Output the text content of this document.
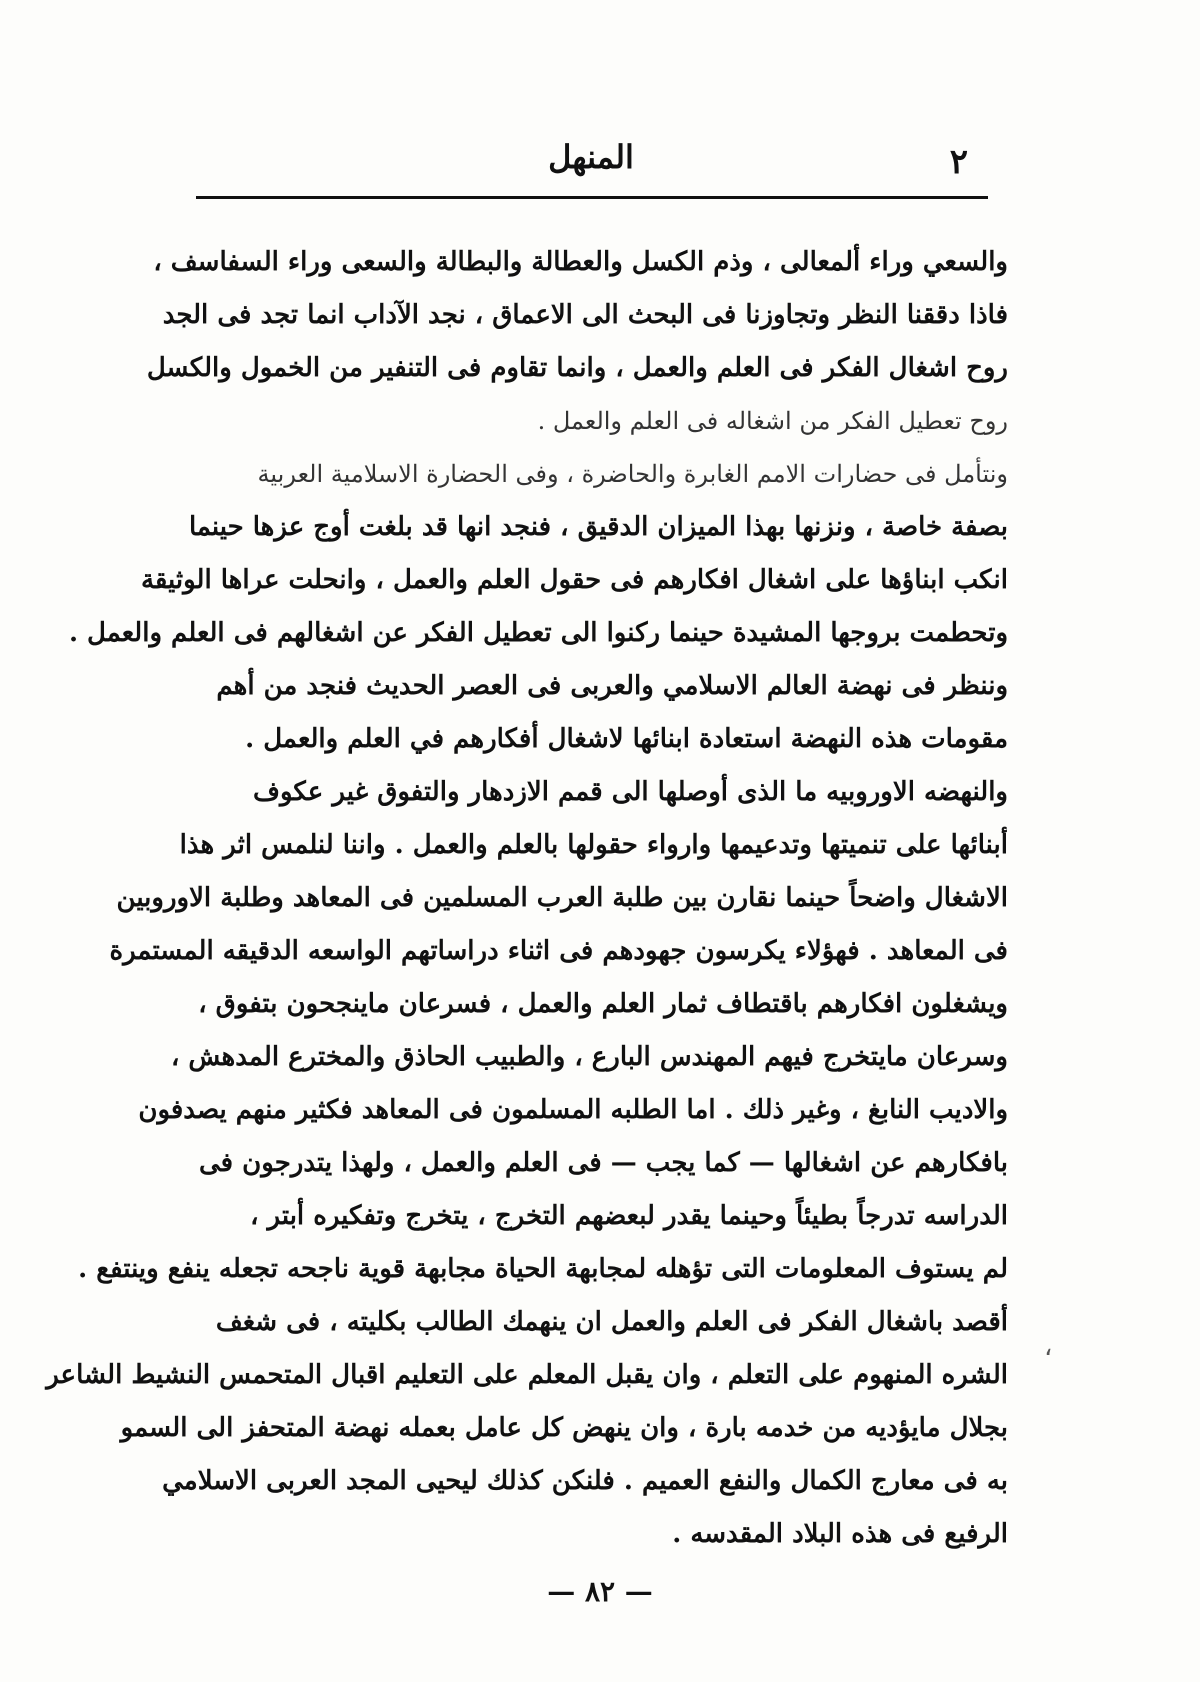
٢
المنهل
والسعي وراء ألمعالى ، وذم الكسل والعطالة والبطالة والسعى وراء السفاسف ،
فاذا دققنا النظر وتجاوزنا فى البحث الى الاعماق ، نجد الآداب انما تجد فى الجد
روح اشغال الفكر فى العلم والعمل ، وانما تقاوم فى التنفير من الخمول والكسل
روح تعطيل الفكر من اشغاله فى العلم والعمل .
ونتأمل فى حضارات الامم الغابرة والحاضرة ، وفى الحضارة الاسلامية العربية
بصفة خاصة ، ونزنها بهذا الميزان الدقيق ، فنجد انها قد بلغت أوج عزها حينما
انكب ابناؤها على اشغال افكارهم فى حقول العلم والعمل ، وانحلت عراها الوثيقة
وتحطمت بروجها المشيدة حينما ركنوا الى تعطيل الفكر عن اشغالهم فى العلم والعمل .
وننظر فى نهضة العالم الاسلامي والعربى فى العصر الحديث فنجد من أهم
مقومات هذه النهضة استعادة ابنائها لاشغال أفكارهم في العلم والعمل .
والنهضه الاوروبيه ما الذى أوصلها الى قمم الازدهار والتفوق غير عكوف
أبنائها على تنميتها وتدعيمها وارواء حقولها بالعلم والعمل . واننا لنلمس اثر هذا
الاشغال واضحاً حينما نقارن بين طلبة العرب المسلمين فى المعاهد وطلبة الاوروبين
فى المعاهد . فهؤلاء يكرسون جهودهم فى اثناء دراساتهم الواسعه الدقيقه المستمرة
ويشغلون افكارهم باقتطاف ثمار العلم والعمل ، فسرعان ماينجحون بتفوق ،
وسرعان مايتخرج فيهم المهندس البارع ، والطبيب الحاذق والمخترع المدهش ،
والاديب النابغ ، وغير ذلك . اما الطلبه المسلمون فى المعاهد فكثير منهم يصدفون
بافكارهم عن اشغالها — كما يجب — فى العلم والعمل ، ولهذا يتدرجون فى
الدراسه تدرجاً بطيئاً وحينما يقدر لبعضهم التخرج ، يتخرج وتفكيره أبتر ،
لم يستوف المعلومات التى تؤهله لمجابهة الحياة مجابهة قوية ناجحه تجعله ينفع وينتفع .
أقصد باشغال الفكر فى العلم والعمل ان ينهمك الطالب بكليته ، فى شغف
الشره المنهوم على التعلم ، وان يقبل المعلم على التعليم اقبال المتحمس النشيط الشاعر
بجلال مايؤديه من خدمه بارة ، وان ينهض كل عامل بعمله نهضة المتحفز الى السمو
به فى معارج الكمال والنفع العميم . فلنكن كذلك ليحيى المجد العربى الاسلامي
الرفيع فى هذه البلاد المقدسه .
،
— ٨٢ —
